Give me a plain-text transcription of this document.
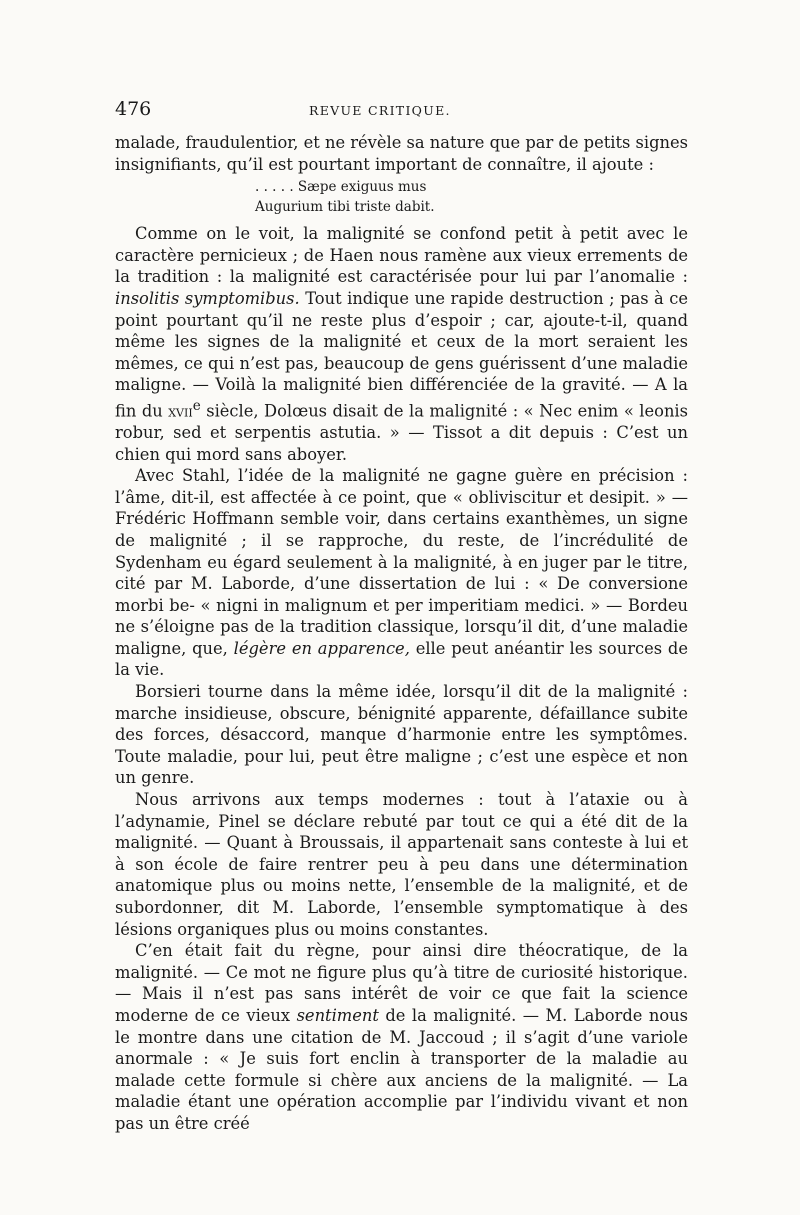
476	REVUE CRITIQUE.

malade, fraudulentior, et ne révèle sa nature que par de petits signes insignifiants, qu’il est pourtant important de connaître, il ajoute :

. . . . . Sæpe exiguus mus
Augurium tibi triste dabit.

Comme on le voit, la malignité se confond petit à petit avec le caractère pernicieux ; de Haen nous ramène aux vieux errements de la tradition : la malignité est caractérisée pour lui par l’anomalie : insolitis symptomibus. Tout indique une rapide destruction ; pas à ce point pourtant qu’il ne reste plus d’espoir ; car, ajoute-t-il, quand même les signes de la malignité et ceux de la mort seraient les mêmes, ce qui n’est pas, beaucoup de gens guérissent d’une maladie maligne. — Voilà la malignité bien différenciée de la gravité. — A la fin du xvii$^e$ siècle, Dolœus disait de la malignité : « Nec enim « leonis robur, sed et serpentis astutia. » — Tissot a dit depuis : C’est un chien qui mord sans aboyer.

Avec Stahl, l’idée de la malignité ne gagne guère en précision : l’âme, dit-il, est affectée à ce point, que « obliviscitur et desipit. » — Frédéric Hoffmann semble voir, dans certains exanthèmes, un signe de malignité ; il se rapproche, du reste, de l’incrédulité de Sydenham eu égard seulement à la malignité, à en juger par le titre, cité par M. Laborde, d’une dissertation de lui : « De conversione morbi be- « nigni in malignum et per imperitiam medici. » — Bordeu ne s’éloigne pas de la tradition classique, lorsqu’il dit, d’une maladie maligne, que, légère en apparence, elle peut anéantir les sources de la vie.

Borsieri tourne dans la même idée, lorsqu’il dit de la malignité : marche insidieuse, obscure, bénignité apparente, défaillance subite des forces, désaccord, manque d’harmonie entre les symptômes. Toute maladie, pour lui, peut être maligne ; c’est une espèce et non un genre.

Nous arrivons aux temps modernes : tout à l’ataxie ou à l’adynamie, Pinel se déclare rebuté par tout ce qui a été dit de la malignité. — Quant à Broussais, il appartenait sans conteste à lui et à son école de faire rentrer peu à peu dans une détermination anatomique plus ou moins nette, l’ensemble de la malignité, et de subordonner, dit M. Laborde, l’ensemble symptomatique à des lésions organiques plus ou moins constantes.

C’en était fait du règne, pour ainsi dire théocratique, de la malignité. — Ce mot ne figure plus qu’à titre de curiosité historique. — Mais il n’est pas sans intérêt de voir ce que fait la science moderne de ce vieux sentiment de la malignité. — M. Laborde nous le montre dans une citation de M. Jaccoud ; il s’agit d’une variole anormale : « Je suis fort enclin à transporter de la maladie au malade cette formule si chère aux anciens de la malignité. — La maladie étant une opération accomplie par l’individu vivant et non pas un être créé
